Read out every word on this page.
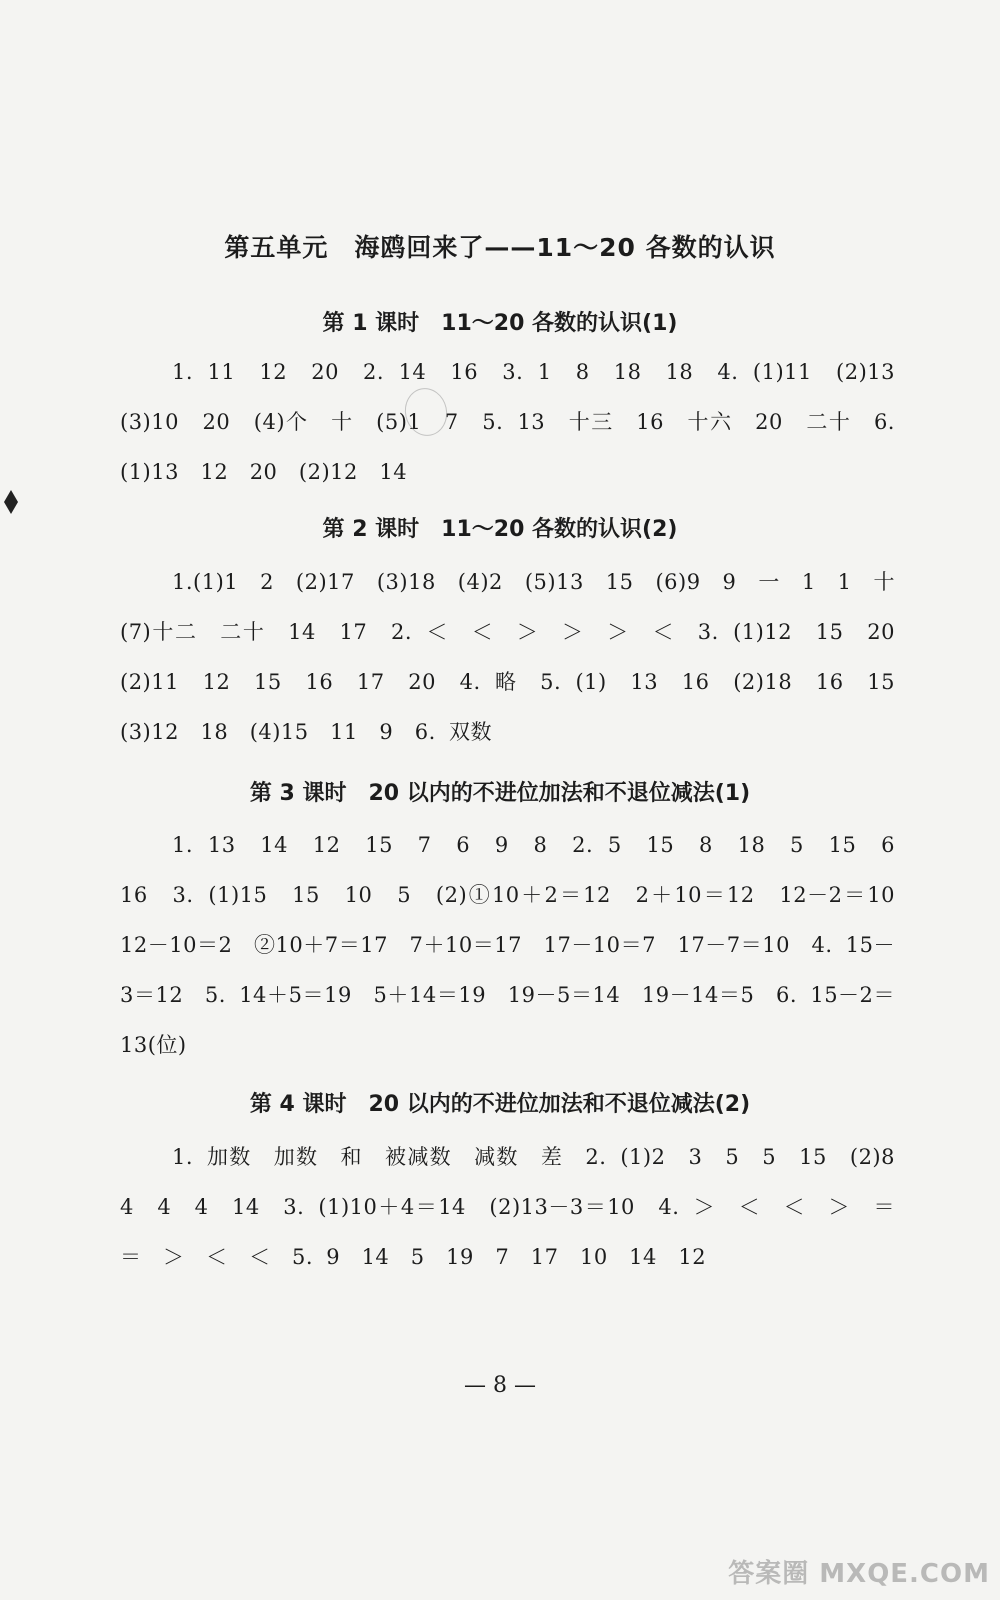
第五单元　海鸥回来了——11～20 各数的认识
第 1 课时　11～20 各数的认识(1)
1. 11　12　20　2. 14　16　3. 1　8　18　18　4. (1)11　(2)13　(3)10　20　(4)个　十　(5)1　7　5. 13　十三　16　十六　20　二十　6. (1)13　12　20　(2)12　14
第 2 课时　11～20 各数的认识(2)
1.(1)1　2　(2)17　(3)18　(4)2　(5)13　15　(6)9　9　一　1　1　十　(7)十二　二十　14　17　2. ＜　＜　＞　＞　＞　＜　3. (1)12　15　20　(2)11　12　15　16　17　20　4. 略　5. (1)　13　16　(2)18　16　15　(3)12　18　(4)15　11　9　6. 双数
第 3 课时　20 以内的不进位加法和不退位减法(1)
1. 13　14　12　15　7　6　9　8　2. 5　15　8　18　5　15　6　16　3. (1)15　15　10　5　(2)①10＋2＝12　2＋10＝12　12－2＝10　12－10＝2　②10＋7＝17　7＋10＝17　17－10＝7　17－7＝10　4. 15－3＝12　5. 14＋5＝19　5＋14＝19　19－5＝14　19－14＝5　6. 15－2＝13(位)
第 4 课时　20 以内的不进位加法和不退位减法(2)
1. 加数　加数　和　被减数　减数　差　2. (1)2　3　5　5　15　(2)8　4　4　4　14　3. (1)10＋4＝14　(2)13－3＝10　4. ＞　＜　＜　＞　＝　＝　＞　＜　＜　5. 9　14　5　19　7　17　10　14　12
— 8 —
答案圈 MXQE.COM
